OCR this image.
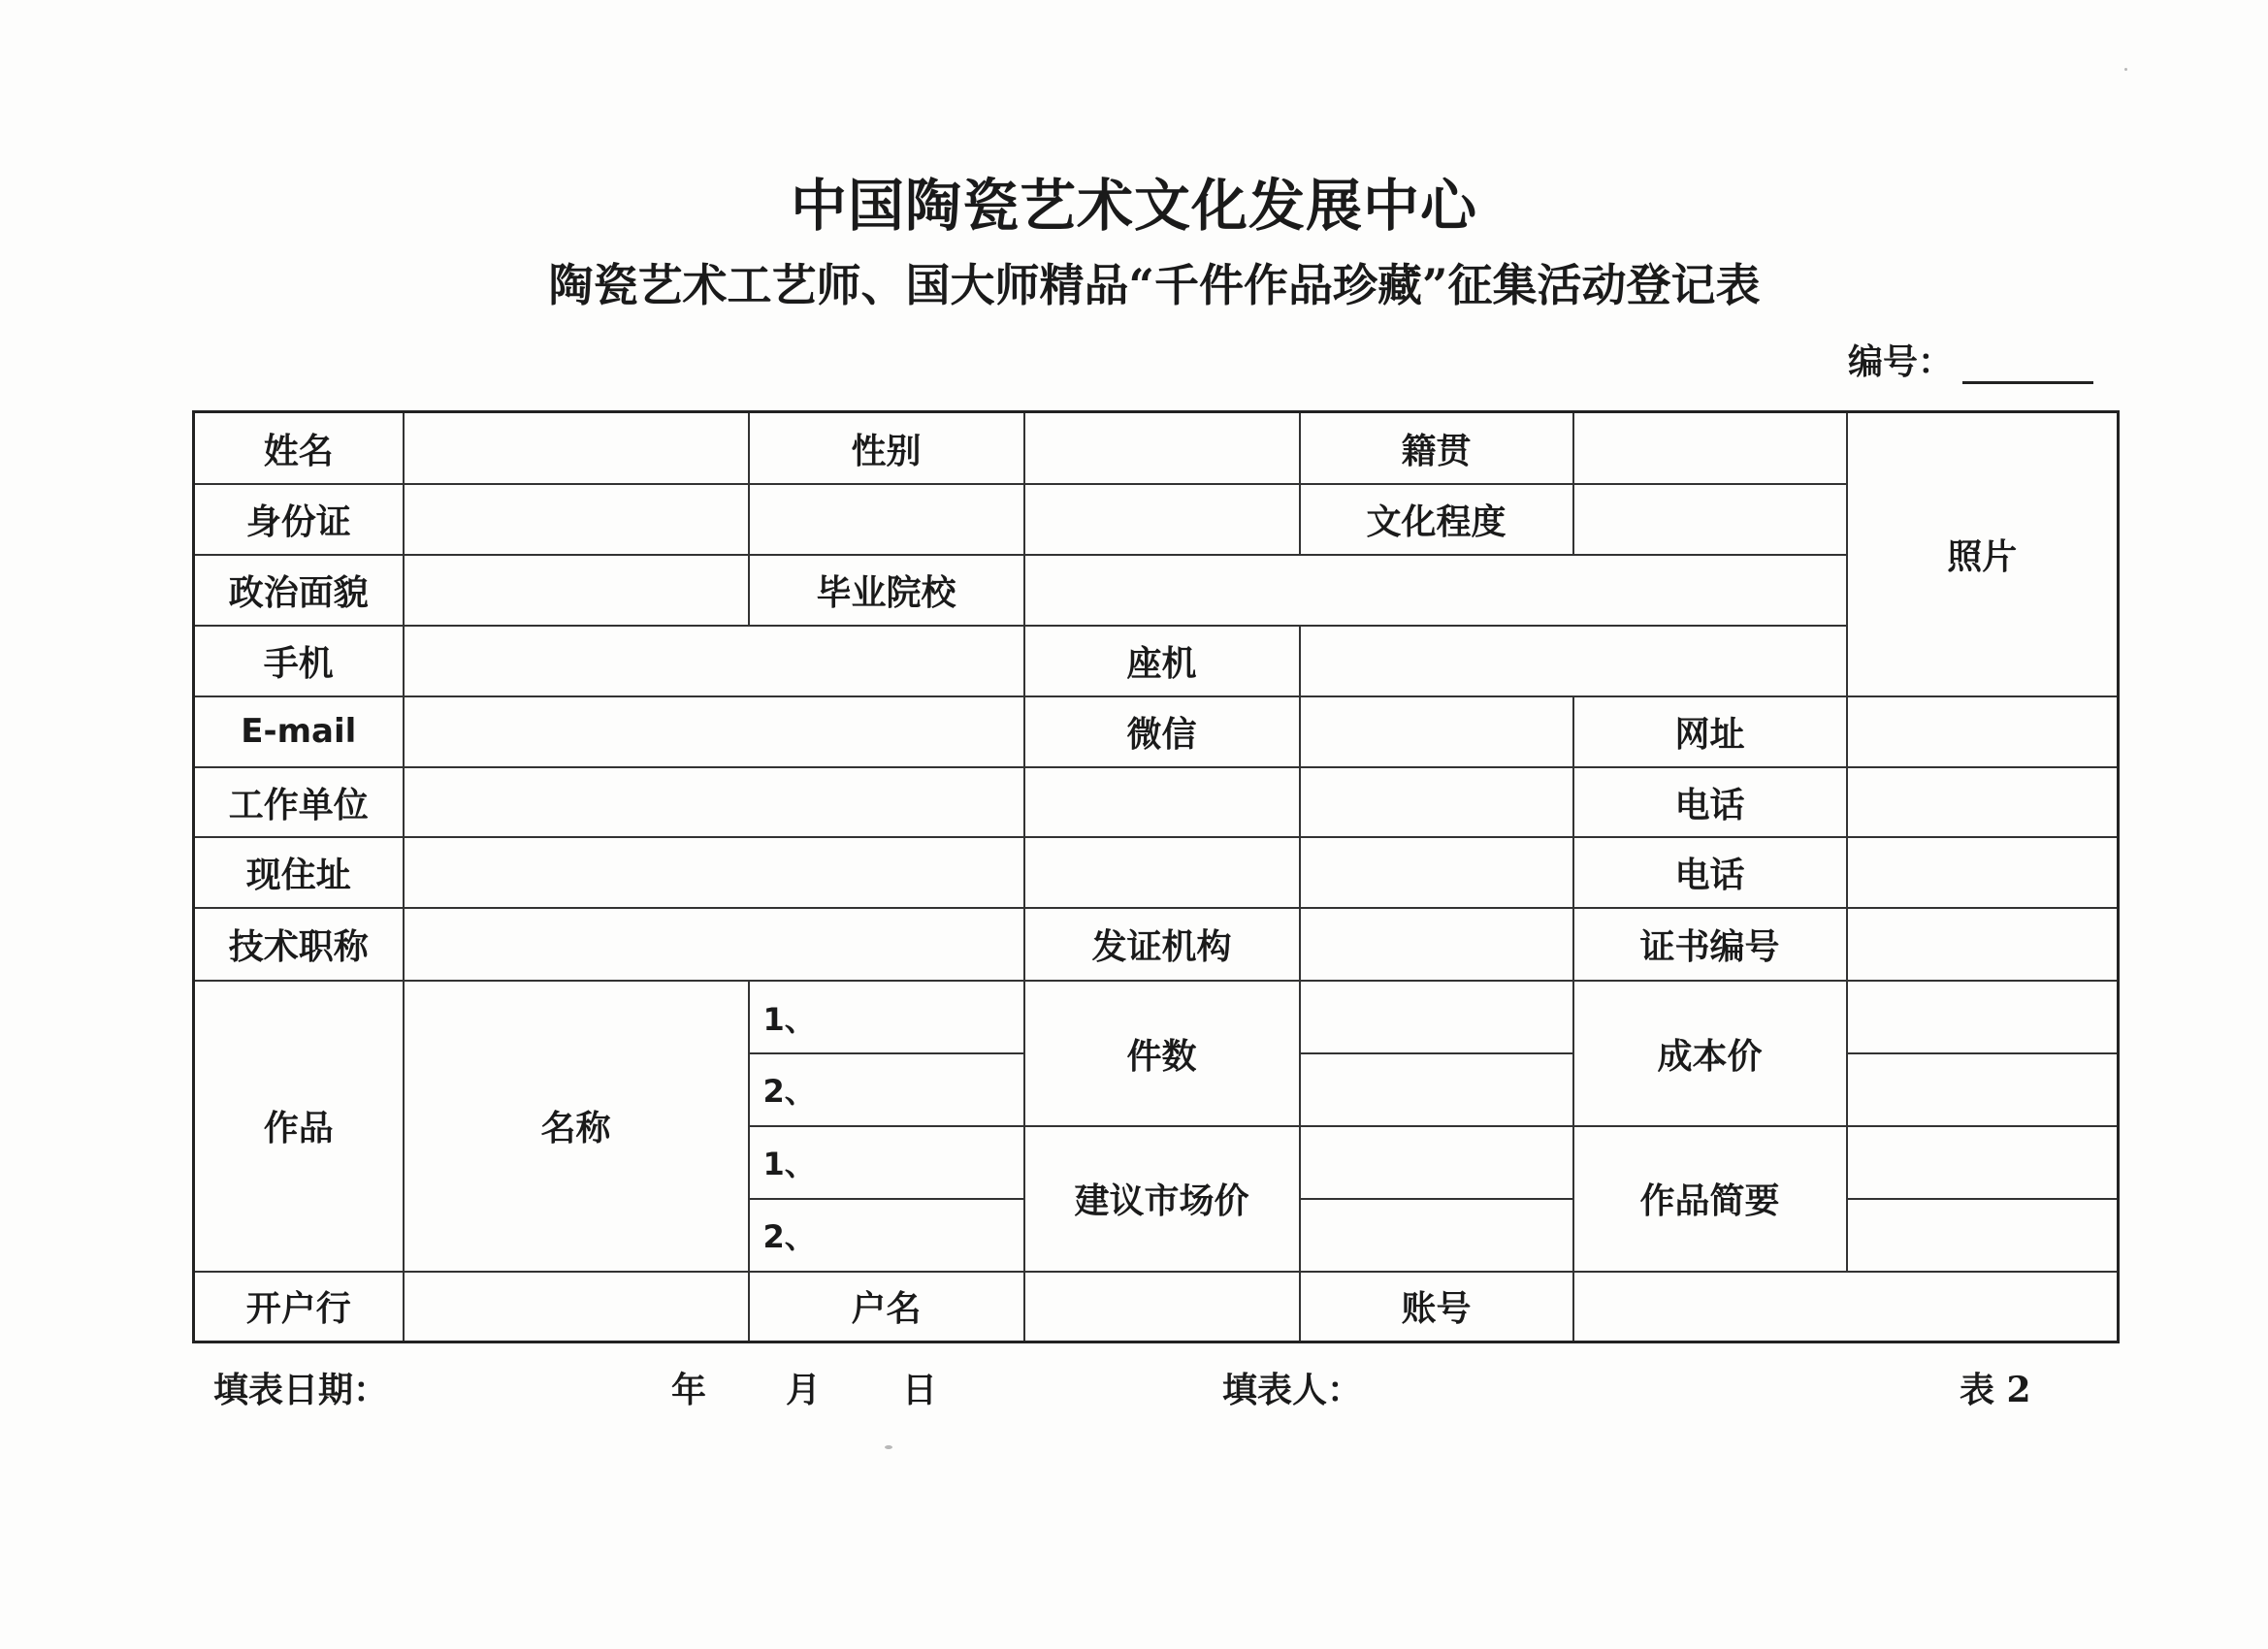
中国陶瓷艺术文化发展中心
陶瓷艺术工艺师、国大师精品“千件作品珍藏”征集活动登记表
编号：
姓名		性别		籍贯		照片
身份证				文化程度		
政治面貌		毕业院校				
手机			座机			
E-mail			微信		网址	
工作单位					电话	
现住址					电话	
技术职称			发证机构		证书编号	
作品	名称	1、	件数		成本价	
		2、				
		1、	建议市场价		作品简要	
		2、				
开户行		户名		账号		
填表日期：	年 月 日	填表人：	表 2
